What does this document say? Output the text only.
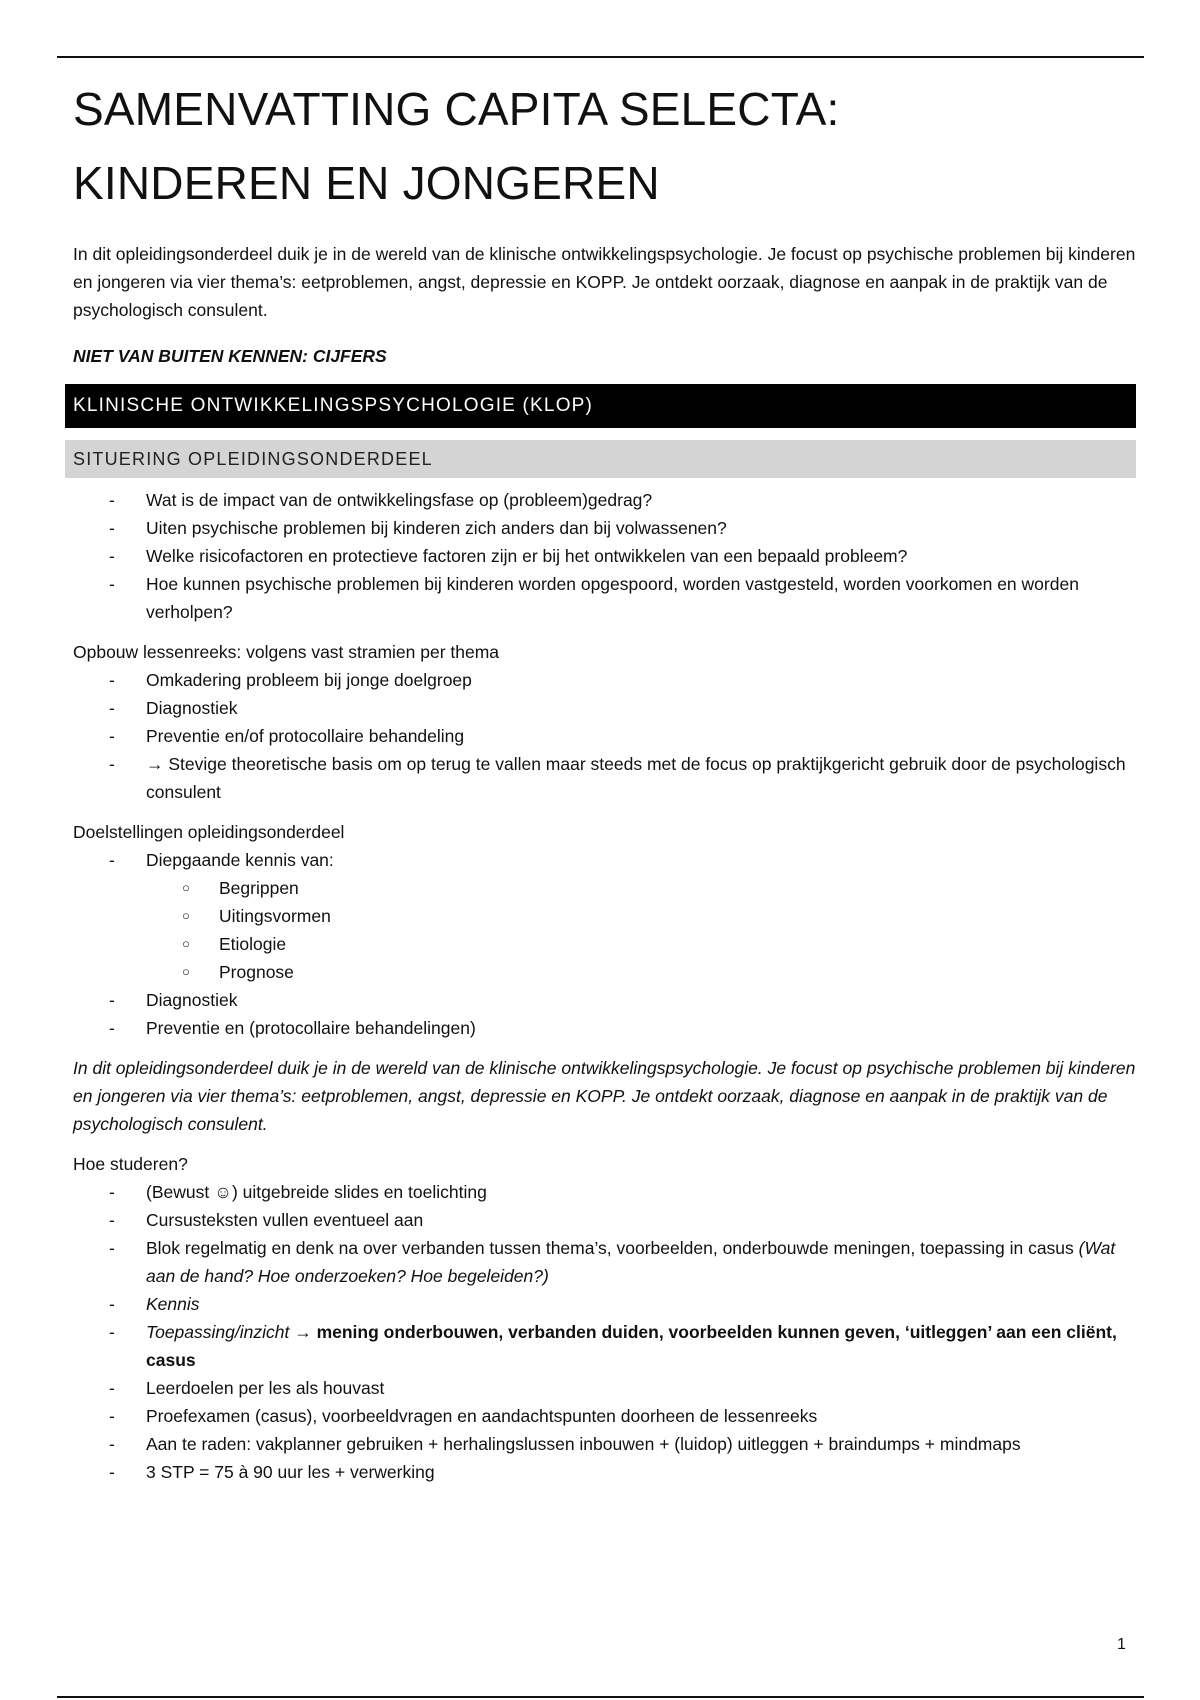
SAMENVATTING CAPITA SELECTA:
KINDEREN EN JONGEREN

In dit opleidingsonderdeel duik je in de wereld van de klinische ontwikkelingspsychologie. Je focust op psychische problemen bij kinderen en jongeren via vier thema’s: eetproblemen, angst, depressie en KOPP. Je ontdekt oorzaak, diagnose en aanpak in de praktijk van de psychologisch consulent.

NIET VAN BUITEN KENNEN: CIJFERS

KLINISCHE ONTWIKKELINGSPSYCHOLOGIE (KLOP)
SITUERING OPLEIDINGSONDERDEEL
- Wat is de impact van de ontwikkelingsfase op (probleem)gedrag?
- Uiten psychische problemen bij kinderen zich anders dan bij volwassenen?
- Welke risicofactoren en protectieve factoren zijn er bij het ontwikkelen van een bepaald probleem?
- Hoe kunnen psychische problemen bij kinderen worden opgespoord, worden vastgesteld, worden voorkomen en worden verholpen?

Opbouw lessenreeks: volgens vast stramien per thema

- Omkadering probleem bij jonge doelgroep
- Diagnostiek
- Preventie en/of protocollaire behandeling
- → Stevige theoretische basis om op terug te vallen maar steeds met de focus op praktijkgericht gebruik door de psychologisch consulent

Doelstellingen opleidingsonderdeel

- Diepgaande kennis van:
○ Begrippen
○ Uitingsvormen
○ Etiologie
○ Prognose
- Diagnostiek
- Preventie en (protocollaire behandelingen)

In dit opleidingsonderdeel duik je in de wereld van de klinische ontwikkelingspsychologie. Je focust op psychische problemen bij kinderen en jongeren via vier thema’s: eetproblemen, angst, depressie en KOPP. Je ontdekt oorzaak, diagnose en aanpak in de praktijk van de psychologisch consulent.

Hoe studeren?

- (Bewust ☺) uitgebreide slides en toelichting
- Cursusteksten vullen eventueel aan
- Blok regelmatig en denk na over verbanden tussen thema’s, voorbeelden, onderbouwde meningen, toepassing in casus (Wat aan de hand? Hoe onderzoeken? Hoe begeleiden?)
- Kennis
- Toepassing/inzicht → mening onderbouwen, verbanden duiden, voorbeelden kunnen geven, ‘uitleggen’ aan een cliënt, casus
- Leerdoelen per les als houvast
- Proefexamen (casus), voorbeeldvragen en aandachtspunten doorheen de lessenreeks
- Aan te raden: vakplanner gebruiken + herhalingslussen inbouwen + (luidop) uitleggen + braindumps + mindmaps
- 3 STP = 75 à 90 uur les + verwerking
1
